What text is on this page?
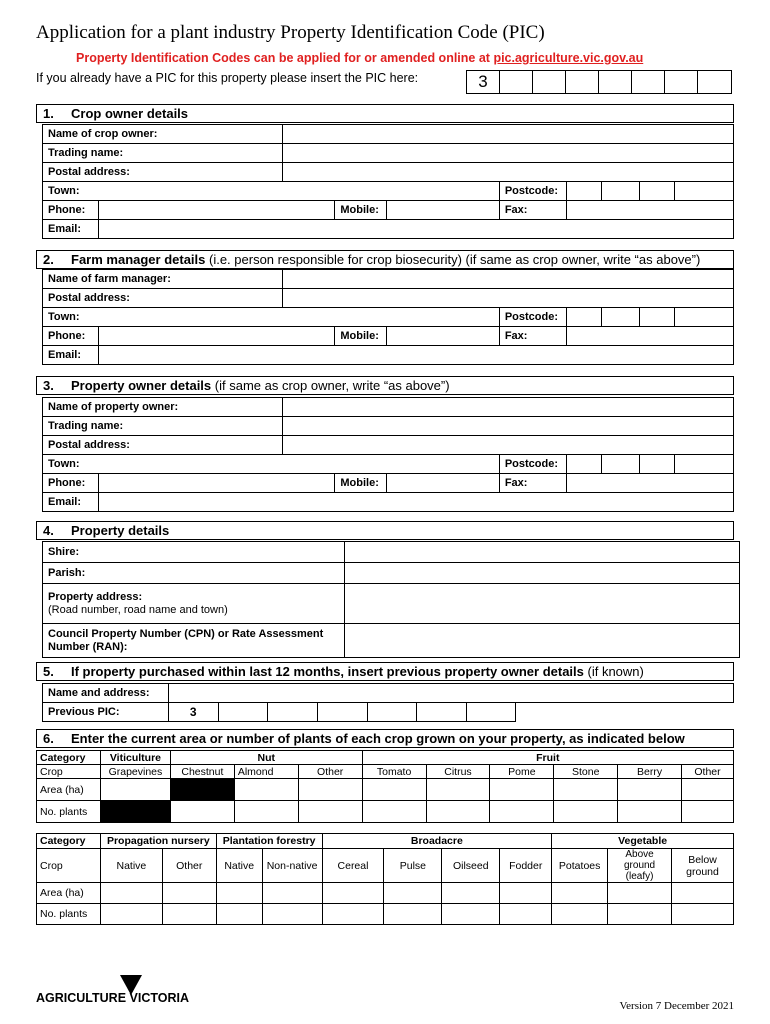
Application for a plant industry Property Identification Code (PIC)
Property Identification Codes can be applied for or amended online at pic.agriculture.vic.gov.au
If you already have a PIC for this property please insert the PIC here:	3
1. Crop owner details
Name of crop owner:									
Trading name:									
Postal address:									
Town:					Postcode:				
Phone:			Mobile:		Fax:				
Email:									
2. Farm manager details (i.e. person responsible for crop biosecurity) (if same as crop owner, write “as above”)
Name of farm manager:									
Postal address:									
Town:					Postcode:				
Phone:			Mobile:		Fax:				
Email:									
3. Property owner details (if same as crop owner, write “as above”)
Name of property owner:									
Trading name:									
Postal address:									
Town:					Postcode:				
Phone:			Mobile:		Fax:				
Email:									
4. Property details
Shire:	
Parish:	
Property address:
(Road number, road name and town)	
Council Property Number (CPN) or Rate Assessment
Number (RAN):	
5. If property purchased within last 12 months, insert previous property owner details (if known)
Name and address:								
Previous PIC:	3							
6. Enter the current area or number of plants of each crop grown on your property, as indicated below
Category	Viticulture	Nut			Fruit					
Crop	Grapevines	Chestnut	Almond	Other	Tomato	Citrus	Pome	Stone	Berry	Other
Area (ha)										
No. plants										
Category	Propagation nursery		Plantation forestry		Broadacre				Vegetable		
Crop	Native	Other	Native	Non-native	Cereal	Pulse	Oilseed	Fodder	Potatoes	Above
ground
(leafy)	Below
ground
Area (ha)											
No. plants											
AGRICULTURE VICTORIA
Version 7 December 2021
